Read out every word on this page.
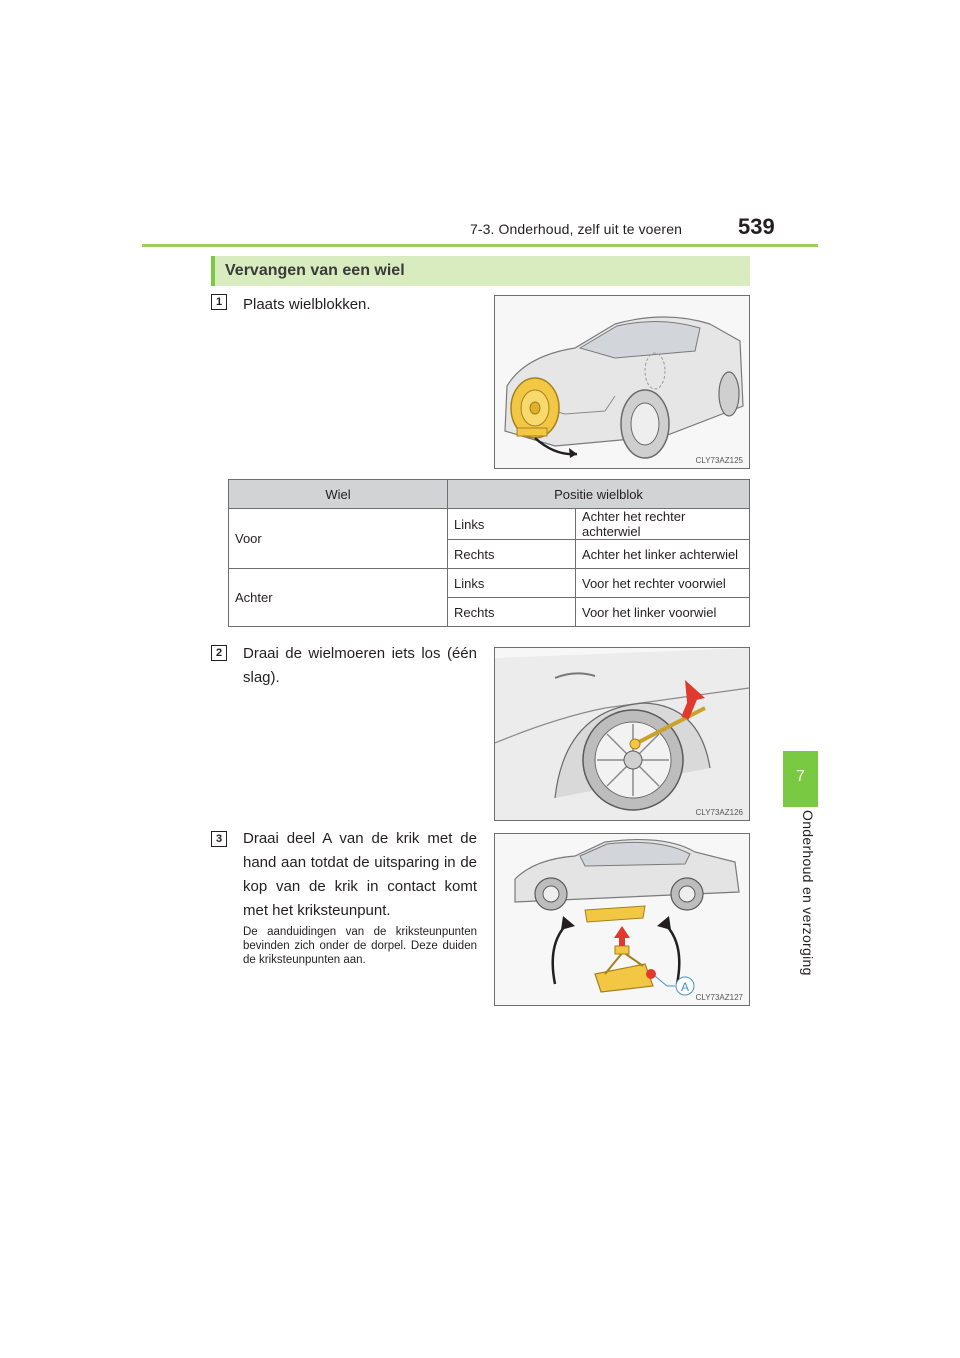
7-3. Onderhoud, zelf uit te voeren	539
7
Onderhoud en verzorging
Vervangen van een wiel
1	Plaats wielblokken.
CLY73AZ125
Wiel	Positie wielblok	
Voor	Links	Achter het rechter achterwiel
	Rechts	Achter het linker achterwiel
Achter	Links	Voor het rechter voorwiel
	Rechts	Voor het linker voorwiel
2	Draai de wielmoeren iets los (één slag).
CLY73AZ126
3	Draai deel A van de krik met de hand aan totdat de uitsparing in de kop van de krik in contact komt met het kriksteunpunt.
De aanduidingen van de kriksteunpunten bevinden zich onder de dorpel. Deze duiden de kriksteunpunten aan.
A
CLY73AZ127
